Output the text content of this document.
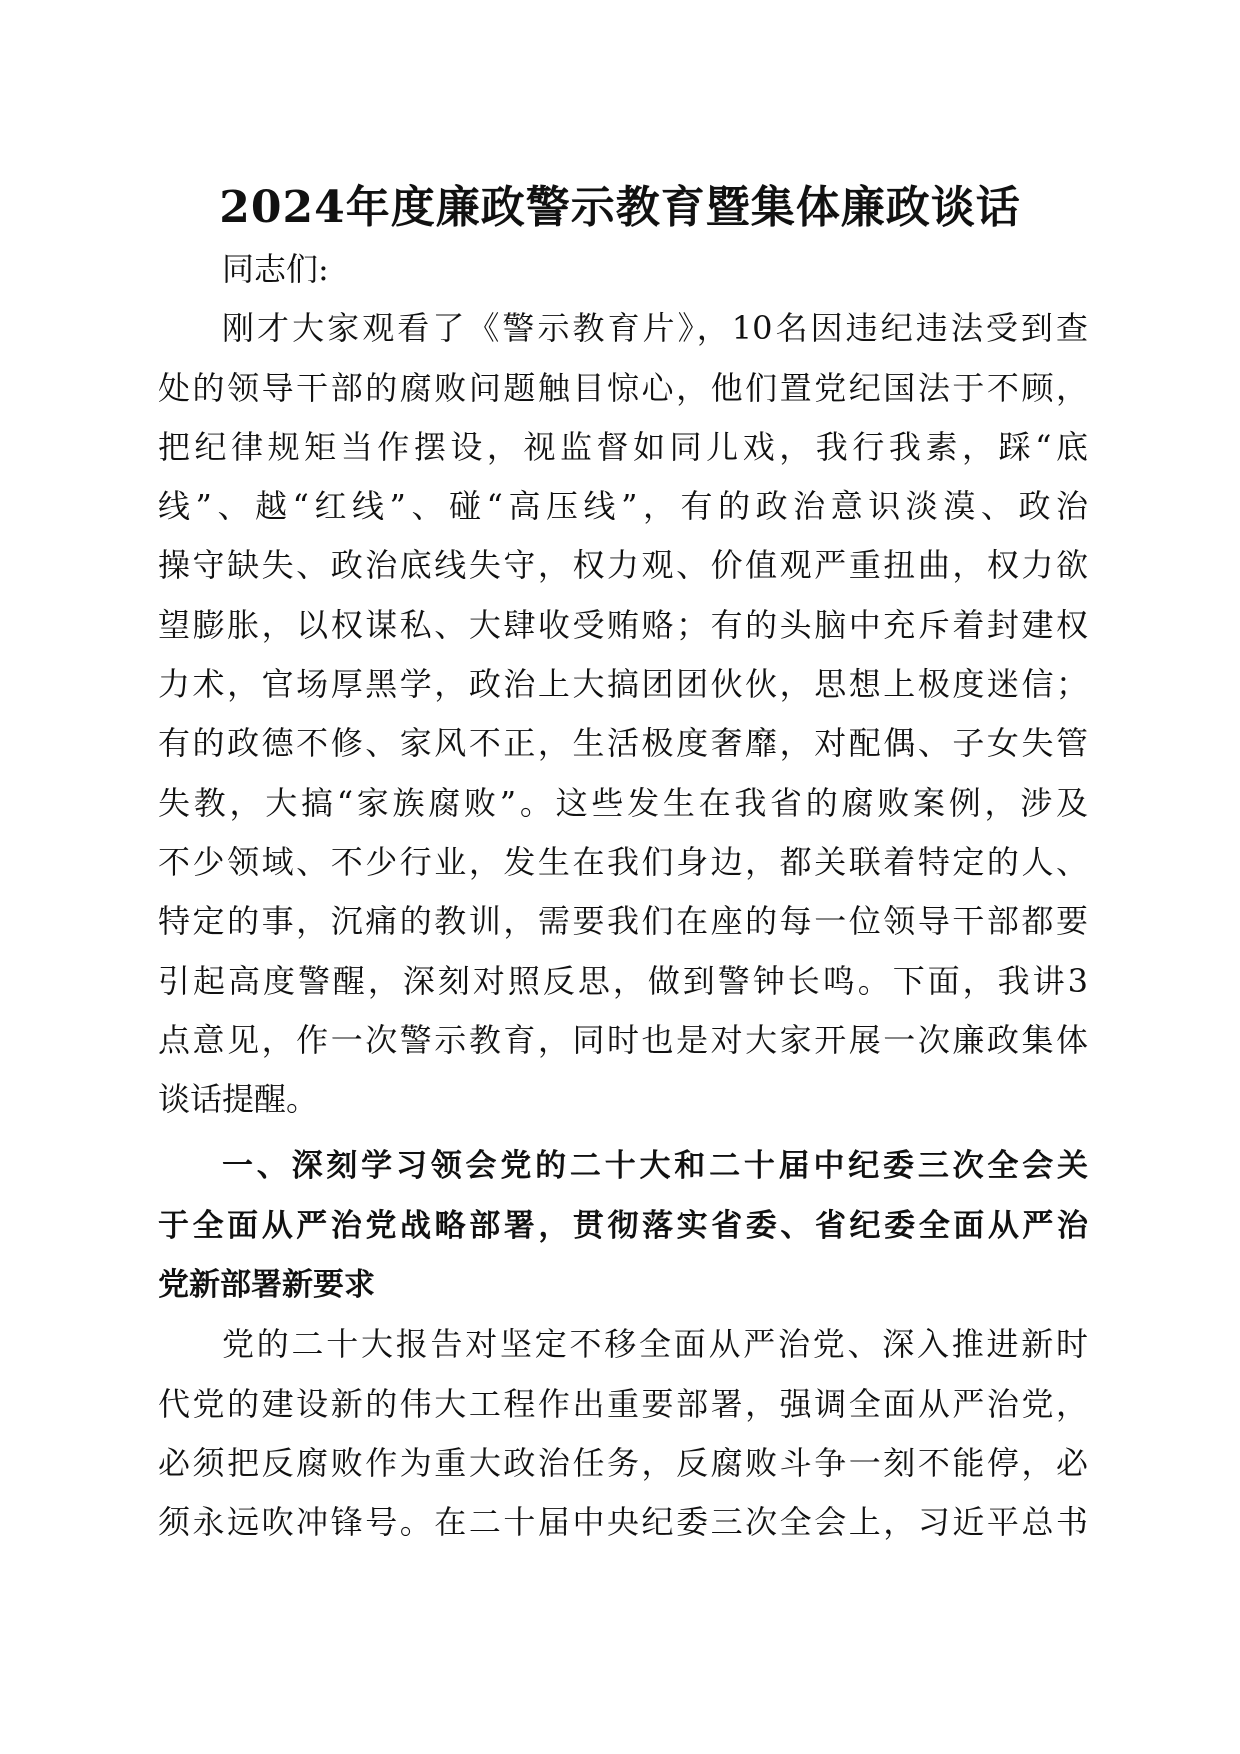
2024年度廉政警示教育暨集体廉政谈话
同志们:
刚才大家观看了《警示教育片》，10名因违纪违法受到查
处的领导干部的腐败问题触目惊心，他们置党纪国法于不顾，
把纪律规矩当作摆设，视监督如同儿戏，我行我素，踩“底
线”、越“红线”、碰“高压线”，有的政治意识淡漠、政治
操守缺失、政治底线失守，权力观、价值观严重扭曲，权力欲
望膨胀，以权谋私、大肆收受贿赂；有的头脑中充斥着封建权
力术，官场厚黑学，政治上大搞团团伙伙，思想上极度迷信；
有的政德不修、家风不正，生活极度奢靡，对配偶、子女失管
失教，大搞“家族腐败”。这些发生在我省的腐败案例，涉及
不少领域、不少行业，发生在我们身边，都关联着特定的人、
特定的事，沉痛的教训，需要我们在座的每一位领导干部都要
引起高度警醒，深刻对照反思，做到警钟长鸣。下面，我讲3
点意见，作一次警示教育，同时也是对大家开展一次廉政集体
谈话提醒。
一、深刻学习领会党的二十大和二十届中纪委三次全会关
于全面从严治党战略部署，贯彻落实省委、省纪委全面从严治
党新部署新要求
党的二十大报告对坚定不移全面从严治党、深入推进新时
代党的建设新的伟大工程作出重要部署，强调全面从严治党，
必须把反腐败作为重大政治任务，反腐败斗争一刻不能停，必
须永远吹冲锋号。在二十届中央纪委三次全会上，习近平总书
